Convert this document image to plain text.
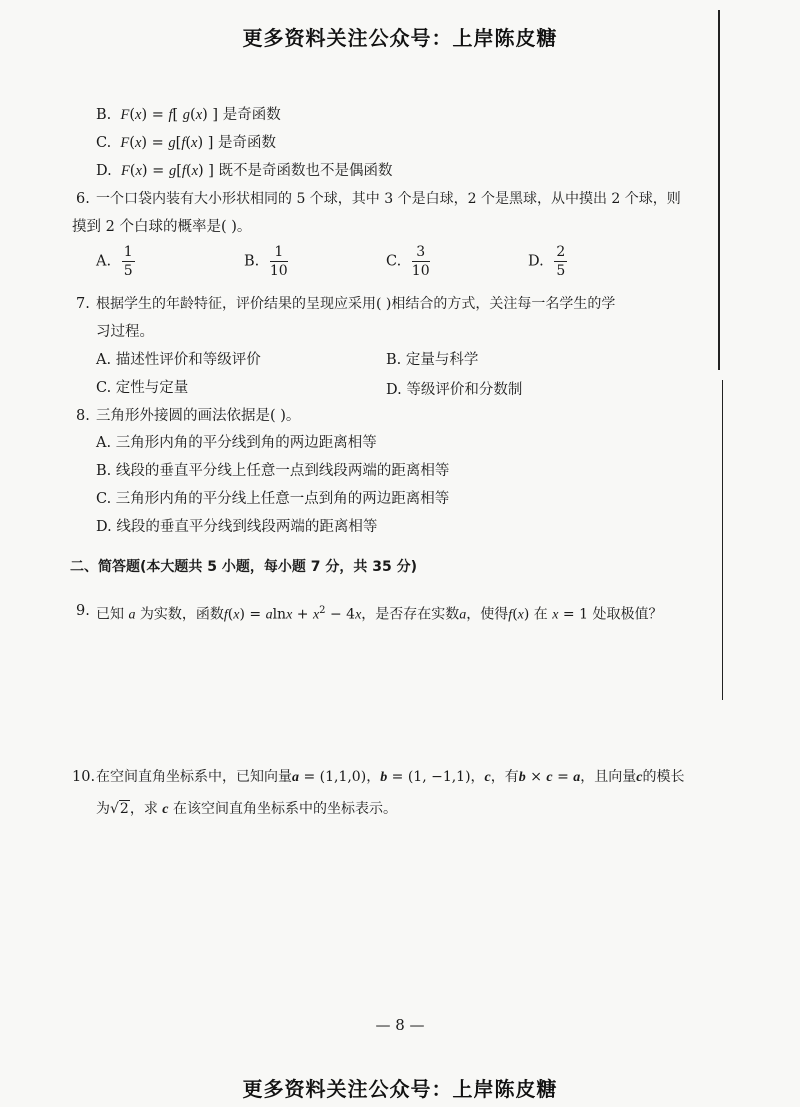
更多资料关注公众号：上岸陈皮糖
B. F(x) = f[ g(x) ] 是奇函数
C. F(x) = g[f(x) ] 是奇函数
D. F(x) = g[f(x) ] 既不是奇函数也不是偶函数
6. 一个口袋内装有大小形状相同的 5 个球，其中 3 个是白球，2 个是黑球，从中摸出 2 个球，则
摸到 2 个白球的概率是( )。
A. $\frac{1}{5}$	B. $\frac{1}{10}$	C. $\frac{3}{10}$	D. $\frac{2}{5}$
7. 根据学生的年龄特征，评价结果的呈现应采用( )相结合的方式，关注每一名学生的学
习过程。
A. 描述性评价和等级评价	B. 定量与科学
C. 定性与定量	D. 等级评价和分数制
8. 三角形外接圆的画法依据是( )。
A. 三角形内角的平分线到角的两边距离相等
B. 线段的垂直平分线上任意一点到线段两端的距离相等
C. 三角形内角的平分线上任意一点到角的两边距离相等
D. 线段的垂直平分线到线段两端的距离相等
二、简答题(本大题共 5 小题，每小题 7 分，共 35 分)
9. 已知 a 为实数，函数$f(x) = alnx + x^2 - 4x$，是否存在实数a，使得f(x) 在 x = 1 处取极值？
10. 在空间直角坐标系中，已知向量a = (1,1,0)，b = (1, −1,1)，c，有b × c = a，且向量c的模长
为√2，求 c 在该空间直角坐标系中的坐标表示。
— 8 —
更多资料关注公众号：上岸陈皮糖
